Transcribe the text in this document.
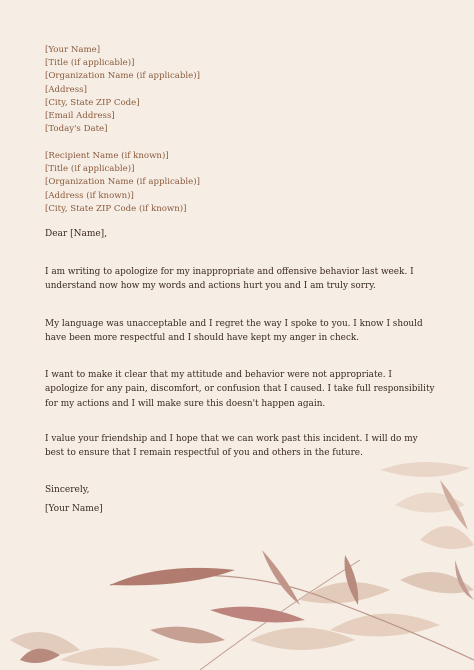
[Your Name]
[Title (if applicable)]
[Organization Name (if applicable)]
[Address]
[City, State ZIP Code]
[Email Address]
[Today's Date]
[Recipient Name (if known)]
[Title (if applicable)]
[Organization Name (if applicable)]
[Address (if known)]
[City, State ZIP Code (if known)]
Dear [Name],
I am writing to apologize for my inappropriate and offensive behavior last week. I understand now how my words and actions hurt you and I am truly sorry.
My language was unacceptable and I regret the way I spoke to you. I know I should have been more respectful and I should have kept my anger in check.
I want to make it clear that my attitude and behavior were not appropriate. I apologize for any pain, discomfort, or confusion that I caused. I take full responsibility for my actions and I will make sure this doesn't happen again.
I value your friendship and I hope that we can work past this incident. I will do my best to ensure that I remain respectful of you and others in the future.
Sincerely,
[Your Name]
